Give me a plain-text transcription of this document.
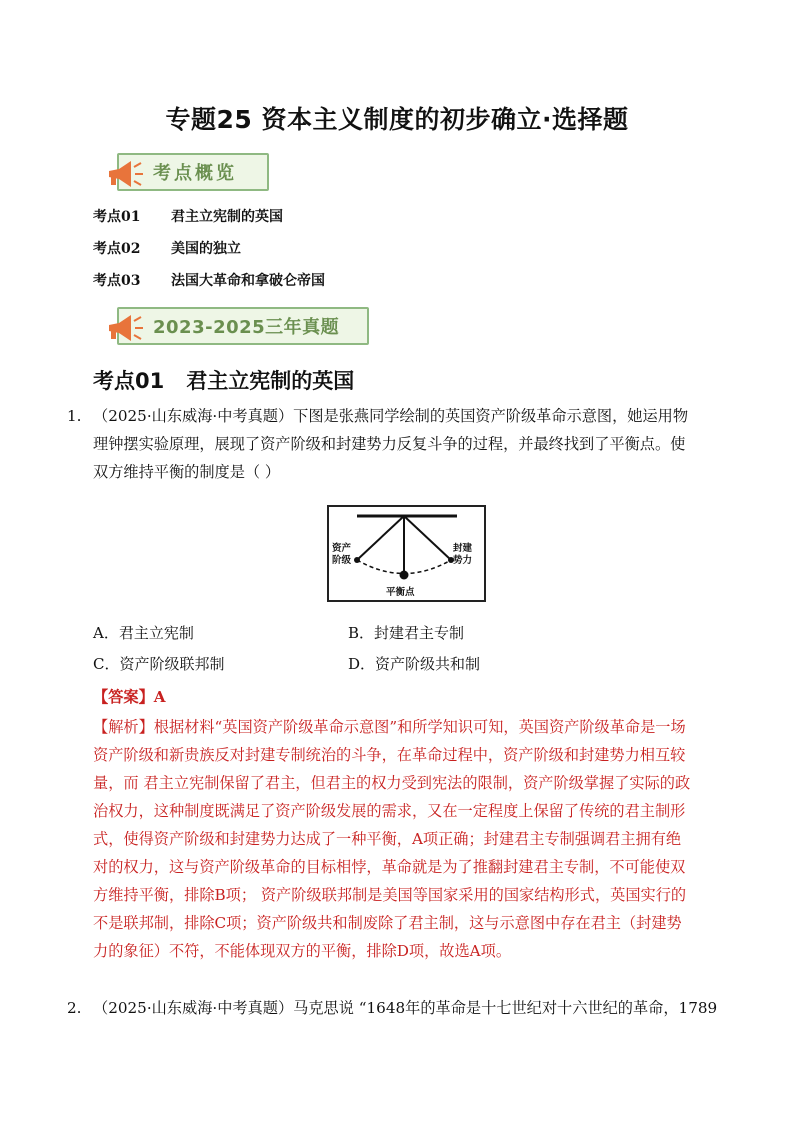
专题25 资本主义制度的初步确立·选择题
考点概览
考点01 君主立宪制的英国
考点02 美国的独立
考点03 法国大革命和拿破仑帝国
2023-2025三年真题
考点01 君主立宪制的英国
1. （2025·山东威海·中考真题）下图是张燕同学绘制的英国资产阶级革命示意图，她运用物
理钟摆实验原理，展现了资产阶级和封建势力反复斗争的过程，并最终找到了平衡点。使
双方维持平衡的制度是（ ）
资产阶级
封建势力
平衡点
A．君主立宪制	B．封建君主专制
C．资产阶级联邦制	D．资产阶级共和制
【答案】A
【解析】根据材料“英国资产阶级革命示意图”和所学知识可知，英国资产阶级革命是一场
资产阶级和新贵族反对封建专制统治的斗争，在革命过程中，资产阶级和封建势力相互较
量，而 君主立宪制保留了君主，但君主的权力受到宪法的限制，资产阶级掌握了实际的政
治权力，这种制度既满足了资产阶级发展的需求，又在一定程度上保留了传统的君主制形
式，使得资产阶级和封建势力达成了一种平衡，A项正确；封建君主专制强调君主拥有绝
对的权力，这与资产阶级革命的目标相悖，革命就是为了推翻封建君主专制，不可能使双
方维持平衡，排除B项； 资产阶级联邦制是美国等国家采用的国家结构形式，英国实行的
不是联邦制，排除C项；资产阶级共和制废除了君主制，这与示意图中存在君主（封建势
力的象征）不符，不能体现双方的平衡，排除D项，故选A项。
2. （2025·山东威海·中考真题）马克思说 “1648年的革命是十七世纪对十六世纪的革命，1789
